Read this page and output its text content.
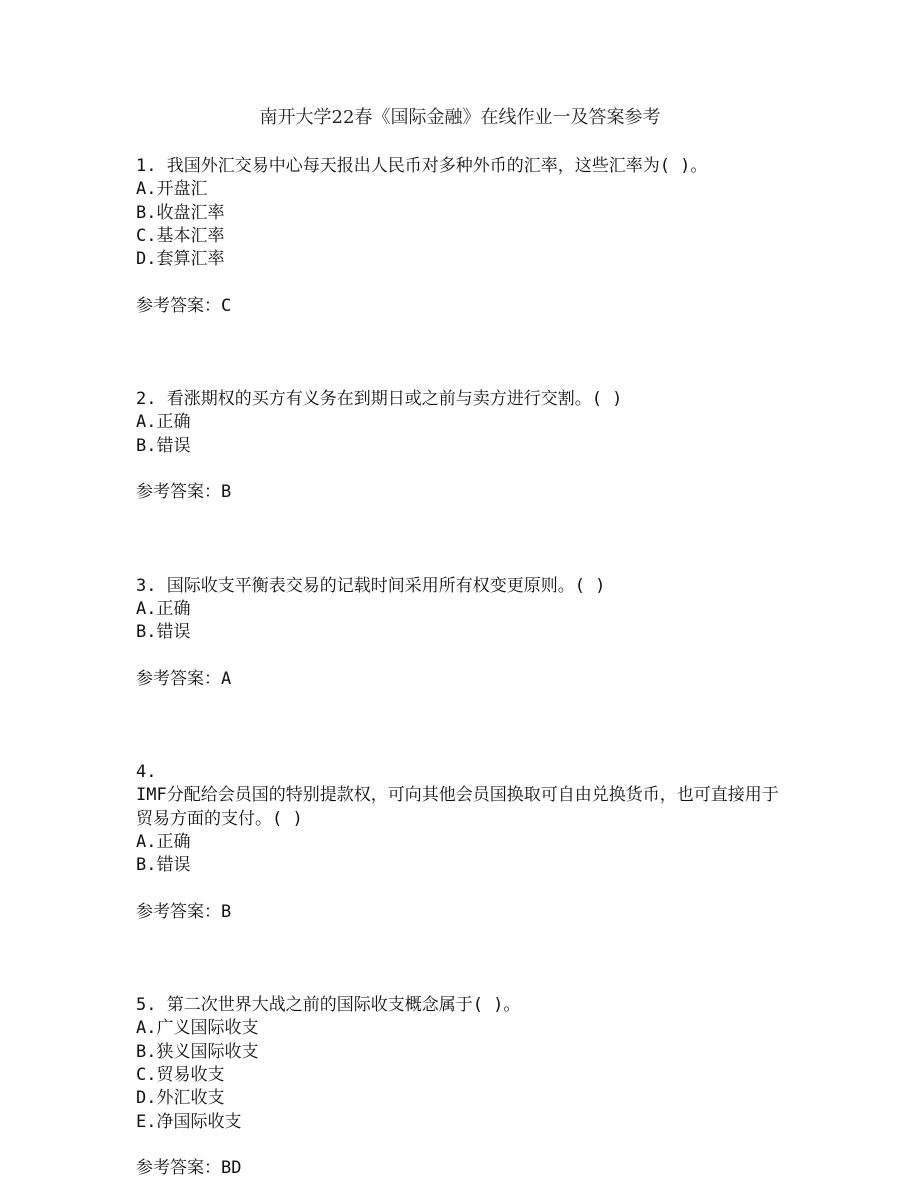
南开大学22春《国际金融》在线作业一及答案参考

1. 我国外汇交易中心每天报出人民币对多种外币的汇率，这些汇率为( )。

A.开盘汇

B.收盘汇率

C.基本汇率

D.套算汇率

参考答案：C

2. 看涨期权的买方有义务在到期日或之前与卖方进行交割。( )

A.正确

B.错误

参考答案：B

3. 国际收支平衡表交易的记载时间采用所有权变更原则。( )

A.正确

B.错误

参考答案：A

4.

IMF分配给会员国的特别提款权，可向其他会员国换取可自由兑换货币，也可直接用于贸易方面的支付。( )

A.正确

B.错误

参考答案：B

5. 第二次世界大战之前的国际收支概念属于( )。

A.广义国际收支

B.狭义国际收支

C.贸易收支

D.外汇收支

E.净国际收支

参考答案：BD
